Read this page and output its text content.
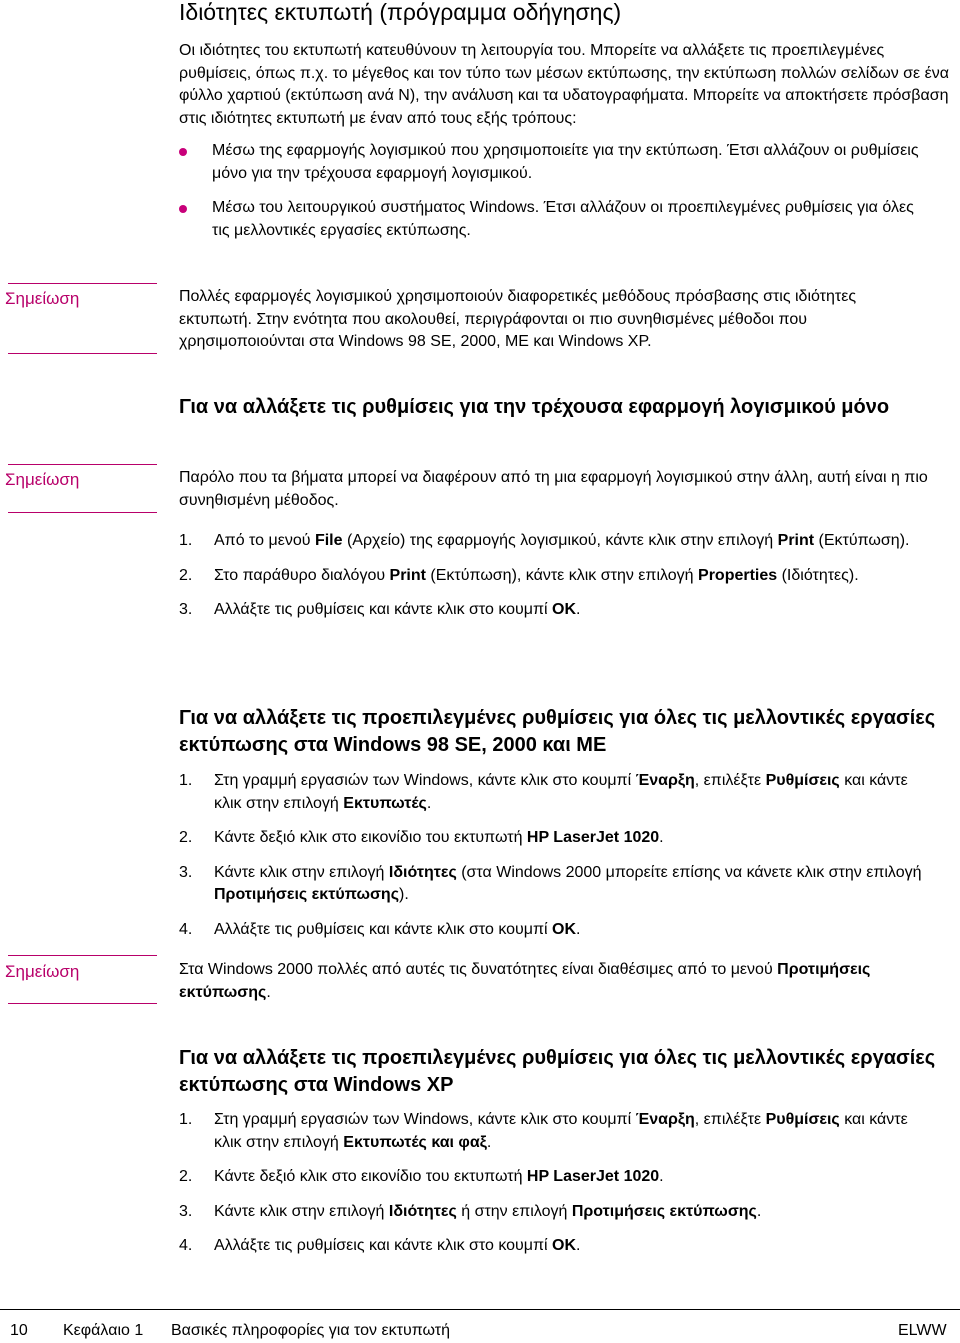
Ιδιότητες εκτυπωτή (πρόγραμμα οδήγησης)

Οι ιδιότητες του εκτυπωτή κατευθύνουν τη λειτουργία του. Μπορείτε να αλλάξετε τις προεπιλεγμένες ρυθμίσεις, όπως π.χ. το μέγεθος και τον τύπο των μέσων εκτύπωσης, την εκτύπωση πολλών σελίδων σε ένα φύλλο χαρτιού (εκτύπωση ανά Ν), την ανάλυση και τα υδατογραφήματα. Μπορείτε να αποκτήσετε πρόσβαση στις ιδιότητες εκτυπωτή με έναν από τους εξής τρόπους:

Μέσω της εφαρμογής λογισμικού που χρησιμοποιείτε για την εκτύπωση. Έτσι αλλάζουν οι ρυθμίσεις μόνο για την τρέχουσα εφαρμογή λογισμικού.
Μέσω του λειτουργικού συστήματος Windows. Έτσι αλλάζουν οι προεπιλεγμένες ρυθμίσεις για όλες τις μελλοντικές εργασίες εκτύπωσης.
Σημείωση	Πολλές εφαρμογές λογισμικού χρησιμοποιούν διαφορετικές μεθόδους πρόσβασης στις ιδιότητες εκτυπωτή. Στην ενότητα που ακολουθεί, περιγράφονται οι πιο συνηθισμένες μέθοδοι που χρησιμοποιούνται στα Windows 98 SE, 2000, ME και Windows XP.

Για να αλλάξετε τις ρυθμίσεις για την τρέχουσα εφαρμογή λογισμικού μόνο
Σημείωση	Παρόλο που τα βήματα μπορεί να διαφέρουν από τη μια εφαρμογή λογισμικού στην άλλη, αυτή είναι η πιο συνηθισμένη μέθοδος.

1. Από το μενού File (Αρχείο) της εφαρμογής λογισμικού, κάντε κλικ στην επιλογή Print (Εκτύπωση).
2. Στο παράθυρο διαλόγου Print (Εκτύπωση), κάντε κλικ στην επιλογή Properties (Ιδιότητες).
3. Αλλάξτε τις ρυθμίσεις και κάντε κλικ στο κουμπί OK.
Για να αλλάξετε τις προεπιλεγμένες ρυθμίσεις για όλες τις μελλοντικές εργασίες εκτύπωσης στα Windows 98 SE, 2000 και ME
1. Στη γραμμή εργασιών των Windows, κάντε κλικ στο κουμπί Έναρξη, επιλέξτε Ρυθμίσεις και κάντε κλικ στην επιλογή Εκτυπωτές.
2. Κάντε δεξιό κλικ στο εικονίδιο του εκτυπωτή HP LaserJet 1020.
3. Κάντε κλικ στην επιλογή Ιδιότητες (στα Windows 2000 μπορείτε επίσης να κάνετε κλικ στην επιλογή Προτιμήσεις εκτύπωσης).
4. Αλλάξτε τις ρυθμίσεις και κάντε κλικ στο κουμπί OK.
Σημείωση	Στα Windows 2000 πολλές από αυτές τις δυνατότητες είναι διαθέσιμες από το μενού Προτιμήσεις εκτύπωσης.

Για να αλλάξετε τις προεπιλεγμένες ρυθμίσεις για όλες τις μελλοντικές εργασίες εκτύπωσης στα Windows XP
1. Στη γραμμή εργασιών των Windows, κάντε κλικ στο κουμπί Έναρξη, επιλέξτε Ρυθμίσεις και κάντε κλικ στην επιλογή Εκτυπωτές και φαξ.
2. Κάντε δεξιό κλικ στο εικονίδιο του εκτυπωτή HP LaserJet 1020.
3. Κάντε κλικ στην επιλογή Ιδιότητες ή στην επιλογή Προτιμήσεις εκτύπωσης.
4. Αλλάξτε τις ρυθμίσεις και κάντε κλικ στο κουμπί OK.
10 Κεφάλαιο 1 Βασικές πληροφορίες για τον εκτυπωτή	ELWW
